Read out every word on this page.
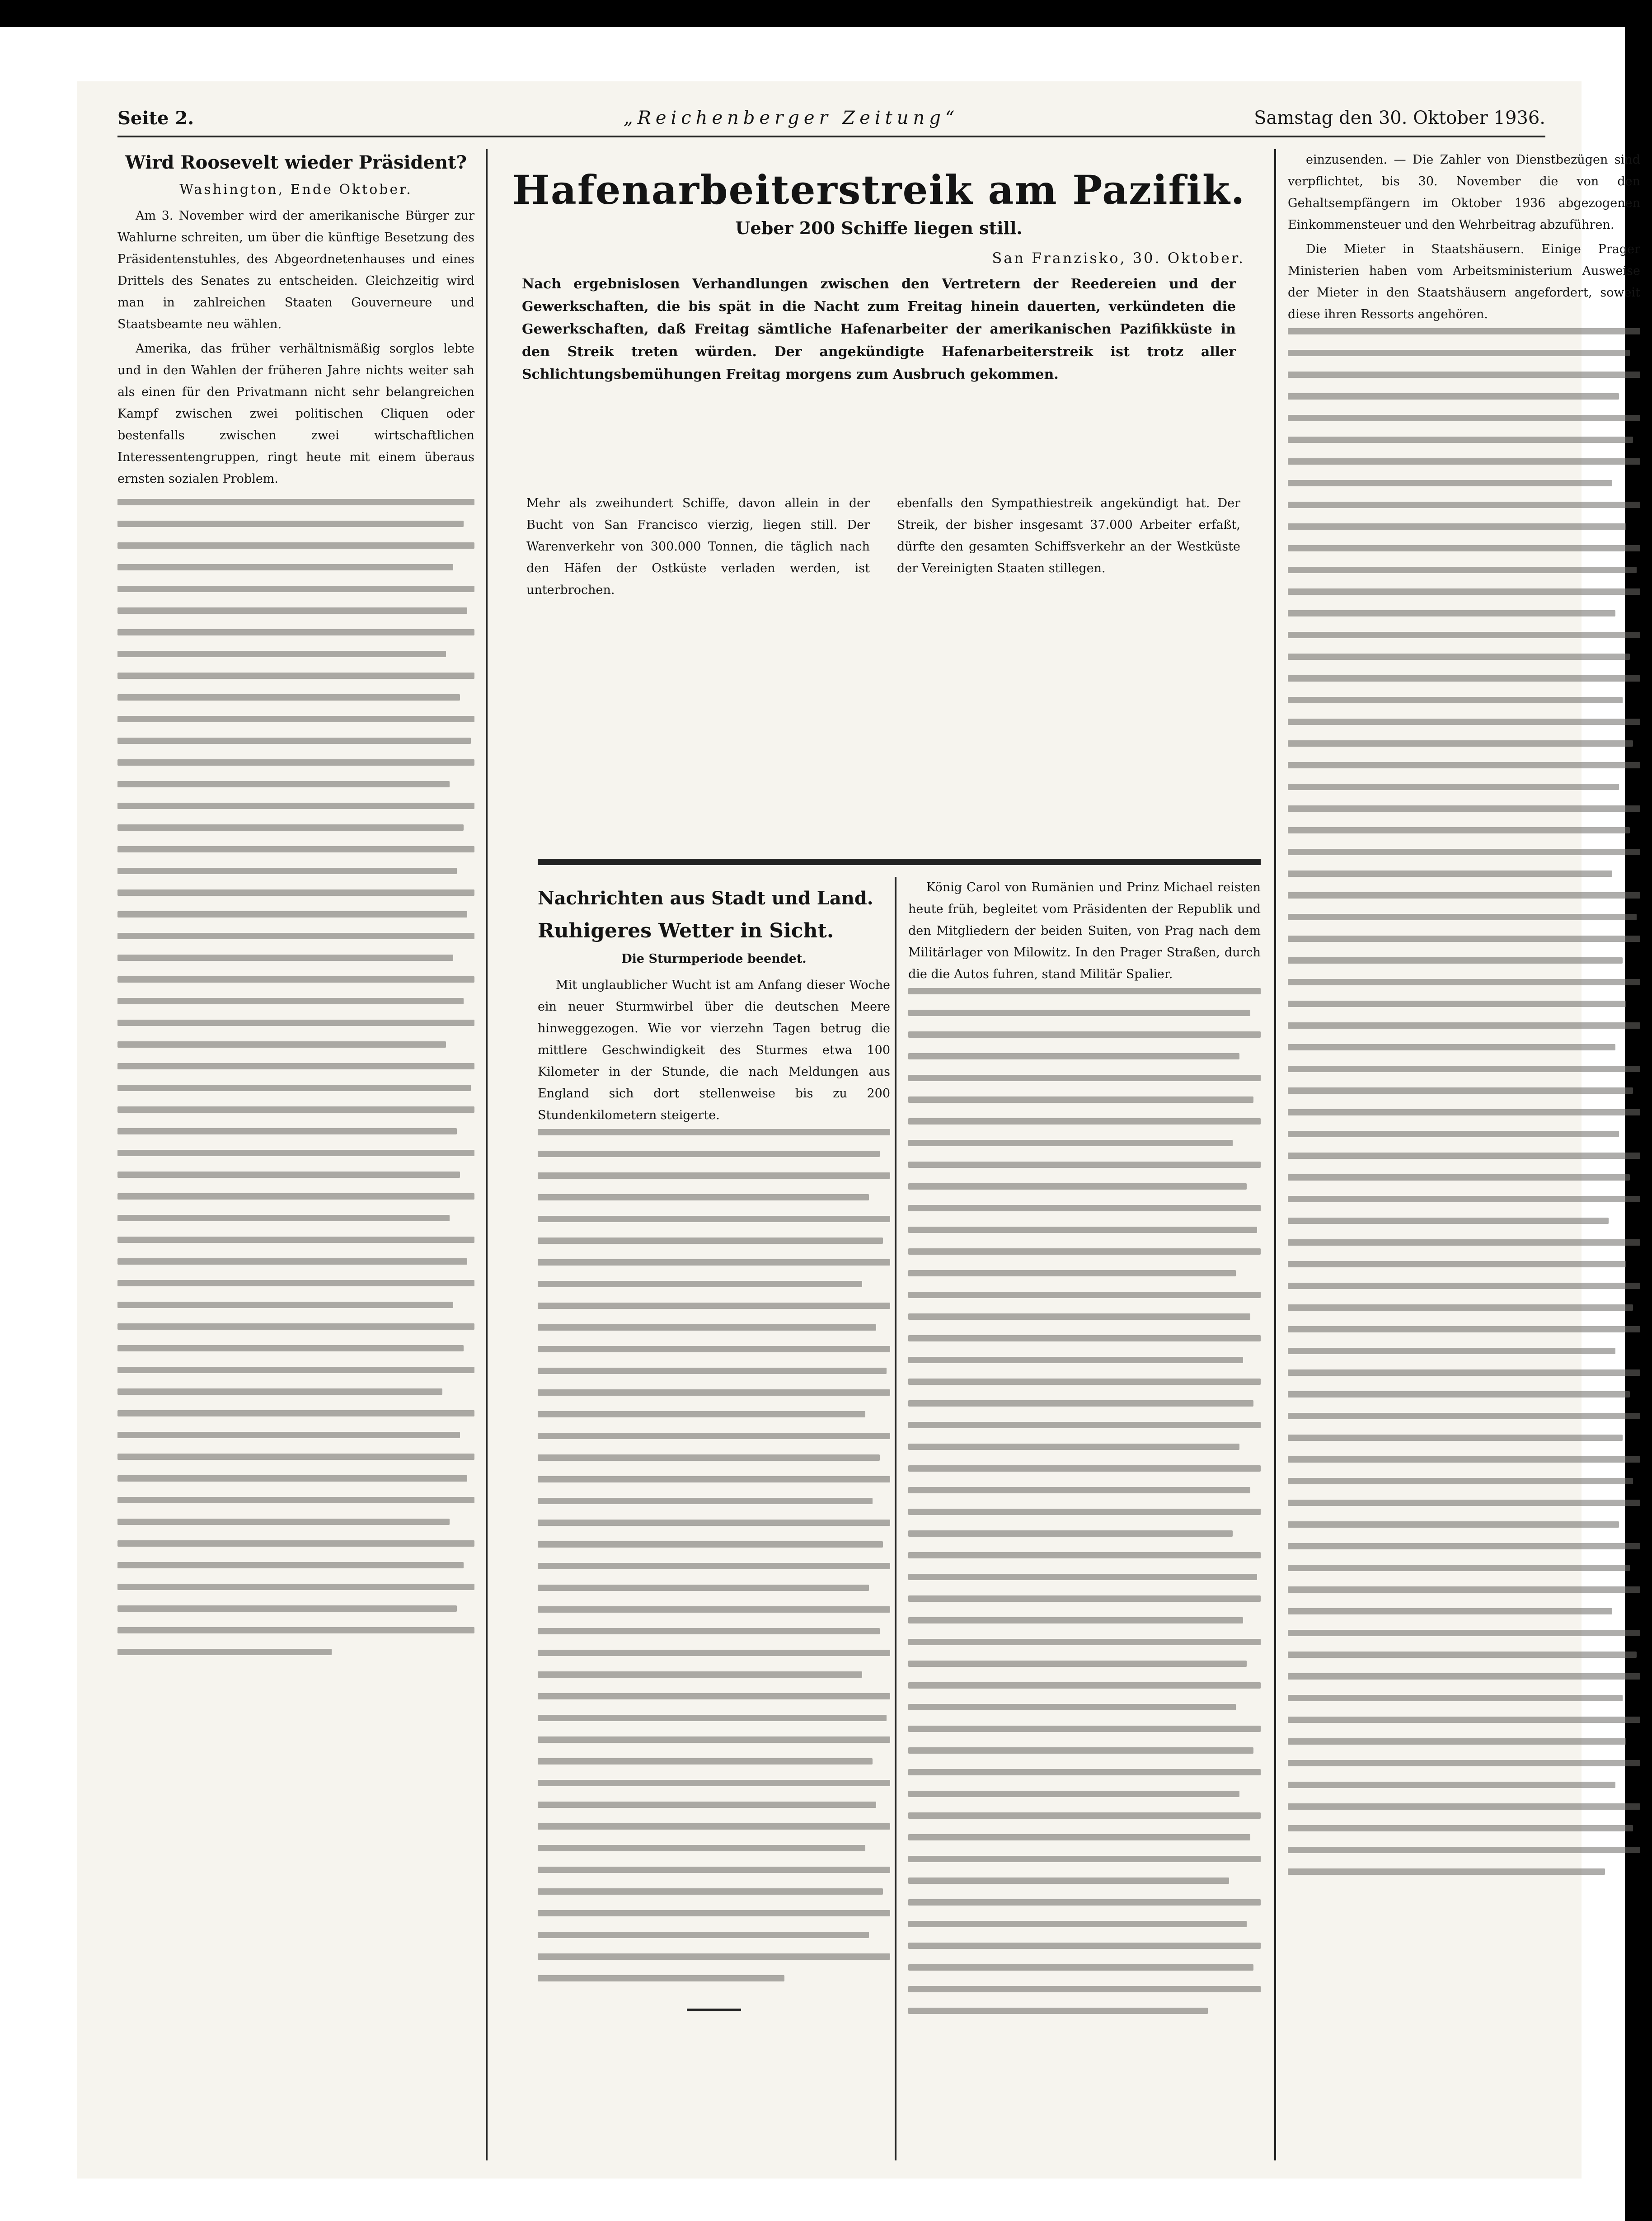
Seite 2.	„Reichenberger Zeitung“	Samstag den 30. Oktober 1936.
Wird Roosevelt wieder Präsident?
Washington, Ende Oktober.

Am 3. November wird der amerikanische Bürger zur Wahlurne schreiten, um über die künftige Besetzung des Präsidentenstuhles, des Abgeordnetenhauses und eines Drittels des Senates zu entscheiden. Gleichzeitig wird man in zahlreichen Staaten Gouverneure und Staatsbeamte neu wählen.

Amerika, das früher verhältnismäßig sorglos lebte und in den Wahlen der früheren Jahre nichts weiter sah als einen für den Privatmann nicht sehr belangreichen Kampf zwischen zwei politischen Cliquen oder bestenfalls zwischen zwei wirtschaftlichen Interessentengruppen, ringt heute mit einem überaus ernsten sozialen Problem.

Hafenarbeiterstreik am Pazifik.
Ueber 200 Schiffe liegen still.
San Franzisko, 30. Oktober.
Nach ergebnislosen Verhandlungen zwischen den Vertretern der Reedereien und der Gewerkschaften, die bis spät in die Nacht zum Freitag hinein dauerten, verkündeten die Gewerkschaften, daß Freitag sämtliche Hafenarbeiter der amerikanischen Pazifikküste in den Streik treten würden. Der angekündigte Hafenarbeiterstreik ist trotz aller Schlichtungsbemühungen Freitag morgens zum Ausbruch gekommen.
Mehr als zweihundert Schiffe, davon allein in der Bucht von San Francisco vierzig, liegen still. Der Warenverkehr von 300.000 Tonnen, die täglich nach den Häfen der Ostküste verladen werden, ist unterbrochen.
ebenfalls den Sympathiestreik angekündigt hat. Der Streik, der bisher insgesamt 37.000 Arbeiter erfaßt, dürfte den gesamten Schiffsverkehr an der Westküste der Vereinigten Staaten stillegen.
Nachrichten aus Stadt und Land.
Ruhigeres Wetter in Sicht.
Die Sturmperiode beendet.

Mit unglaublicher Wucht ist am Anfang dieser Woche ein neuer Sturmwirbel über die deutschen Meere hinweggezogen. Wie vor vierzehn Tagen betrug die mittlere Geschwindigkeit des Sturmes etwa 100 Kilometer in der Stunde, die nach Meldungen aus England sich dort stellenweise bis zu 200 Stundenkilometern steigerte.

König Carol von Rumänien und Prinz Michael reisten heute früh, begleitet vom Präsidenten der Republik und den Mitgliedern der beiden Suiten, von Prag nach dem Militärlager von Milowitz. In den Prager Straßen, durch die die Autos fuhren, stand Militär Spalier.

einzusenden. — Die Zahler von Dienstbezügen sind verpflichtet, bis 30. November die von den Gehaltsempfängern im Oktober 1936 abgezogenen Einkommensteuer und den Wehrbeitrag abzuführen.

Die Mieter in Staatshäusern. Einige Prager Ministerien haben vom Arbeitsministerium Ausweise der Mieter in den Staatshäusern angefordert, soweit diese ihren Ressorts angehören.
